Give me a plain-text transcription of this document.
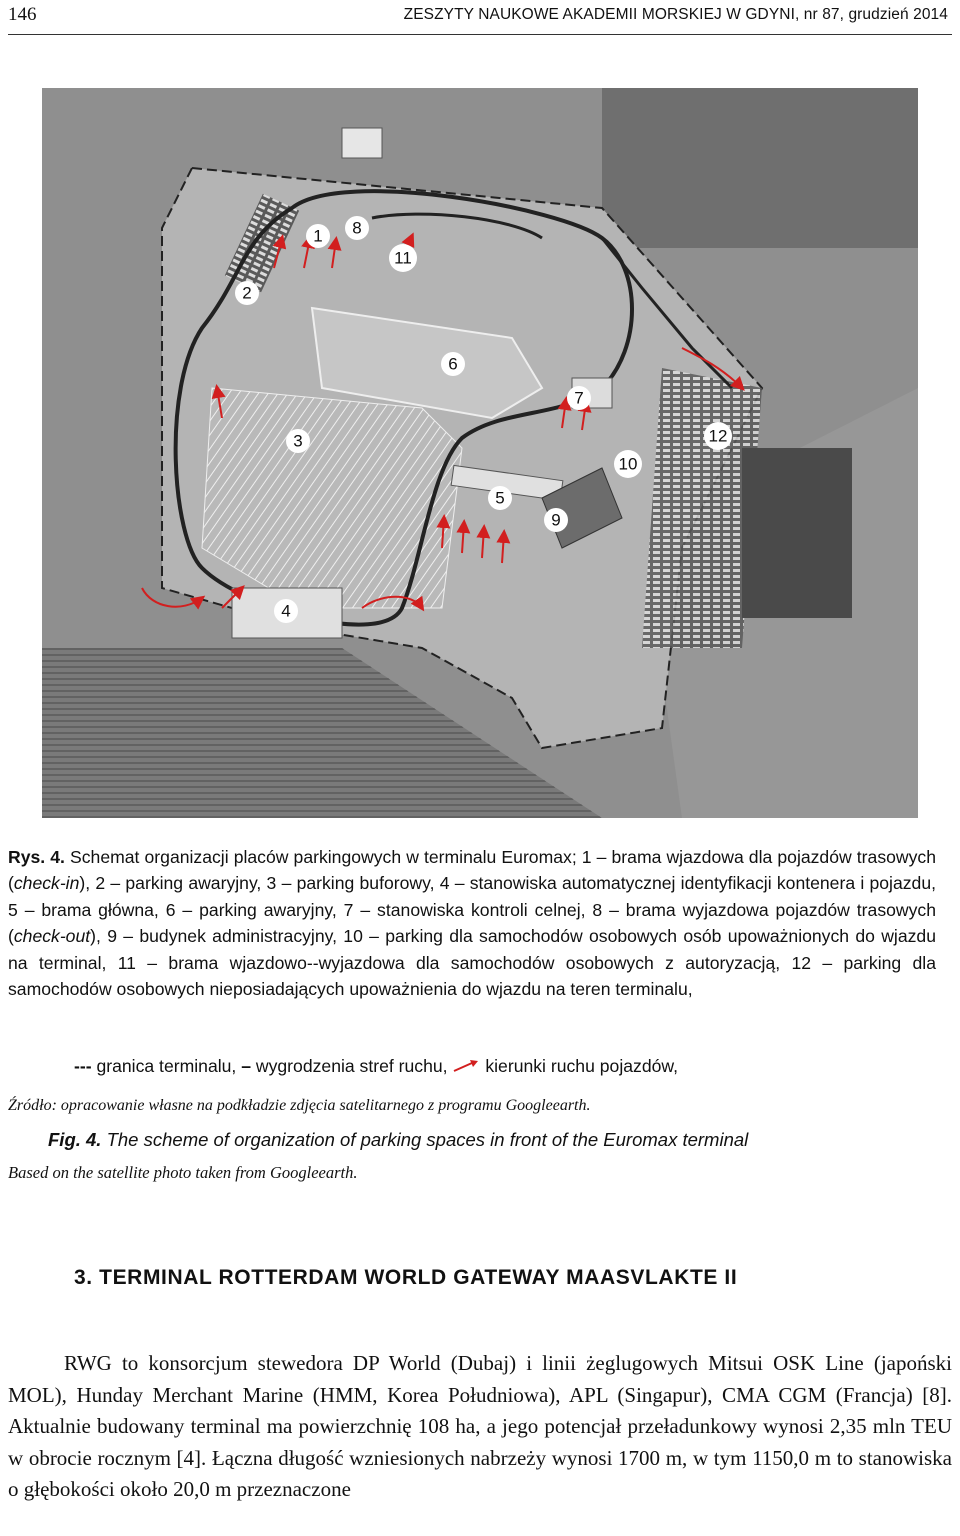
146	ZESZYTY NAUKOWE AKADEMII MORSKIEJ W GDYNI, nr 87, grudzień 2014
1
2
3
4
5
6
7
8
9
10
11
12
Rys. 4. Schemat organizacji placów parkingowych w terminalu Euromax; 1 – brama wjazdowa dla pojazdów trasowych (check-in), 2 – parking awaryjny, 3 – parking buforowy, 4 – stanowiska automatycznej identyfikacji kontenera i pojazdu, 5 – brama główna, 6 – parking awaryjny, 7 – stanowiska kontroli celnej, 8 – brama wyjazdowa pojazdów trasowych (check-out), 9 – budynek administracyjny, 10 – parking dla samochodów osobowych osób upoważnionych do wjazdu na terminal, 11 – brama wjazdowo--wyjazdowa dla samochodów osobowych z autoryzacją, 12 – parking dla samochodów osobowych nieposiadających upoważnienia do wjazdu na teren terminalu,
--- granica terminalu, – wygrodzenia stref ruchu, kierunki ruchu pojazdów,
Źródło: opracowanie własne na podkładzie zdjęcia satelitarnego z programu Googleearth.
Fig. 4. The scheme of organization of parking spaces in front of the Euromax terminal
Based on the satellite photo taken from Googleearth.
3. TERMINAL ROTTERDAM WORLD GATEWAY MAASVLAKTE II
RWG to konsorcjum stewedora DP World (Dubaj) i linii żeglugowych Mitsui OSK Line (japoński MOL), Hunday Merchant Marine (HMM, Korea Południowa), APL (Singapur), CMA CGM (Francja) [8]. Aktualnie budowany terminal ma powierzchnię 108 ha, a jego potencjał przeładunkowy wynosi 2,35 mln TEU w obrocie rocznym [4]. Łączna długość wzniesionych nabrzeży wynosi 1700 m, w tym 1150,0 m to stanowiska o głębokości około 20,0 m przeznaczone
